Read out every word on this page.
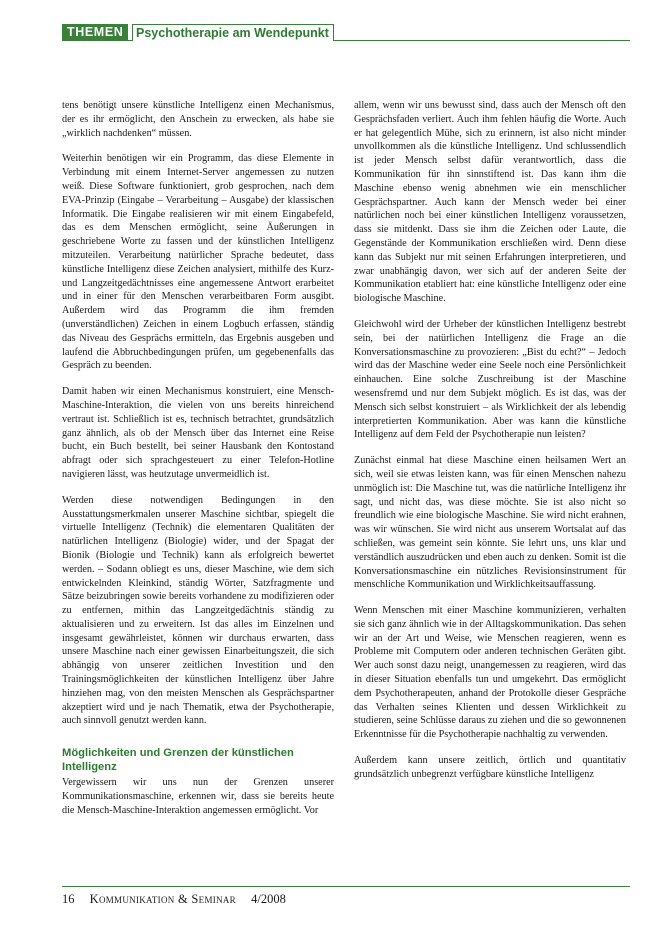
THEMEN	Psychotherapie am Wendepunkt

tens benötigt unsere künstliche Intelligenz einen Mechanismus, der es ihr ermöglicht, den Anschein zu erwecken, als habe sie „wirklich nachdenken“ müssen.

Weiterhin benötigen wir ein Programm, das diese Elemente in Verbindung mit einem Internet-Server angemessen zu nutzen weiß. Diese Software funktioniert, grob gesprochen, nach dem EVA-Prinzip (Eingabe – Verarbeitung – Ausgabe) der klassischen Informatik. Die Eingabe realisieren wir mit einem Eingabefeld, das es dem Menschen ermöglicht, seine Äußerungen in geschriebene Worte zu fassen und der künstlichen Intelligenz mitzuteilen. Verarbeitung natürlicher Sprache bedeutet, dass künstliche Intelligenz diese Zeichen analysiert, mithilfe des Kurz- und Langzeitgedächtnisses eine angemessene Antwort erarbeitet und in einer für den Menschen verarbeitbaren Form ausgibt. Außerdem wird das Programm die ihm fremden (unverständlichen) Zeichen in einem Logbuch erfassen, ständig das Niveau des Gesprächs ermitteln, das Ergebnis ausgeben und laufend die Abbruchbedingungen prüfen, um gegebenenfalls das Gespräch zu beenden.

Damit haben wir einen Mechanismus konstruiert, eine Mensch-Maschine-Interaktion, die vielen von uns bereits hinreichend vertraut ist. Schließlich ist es, technisch betrachtet, grundsätzlich ganz ähnlich, als ob der Mensch über das Internet eine Reise bucht, ein Buch bestellt, bei seiner Hausbank den Kontostand abfragt oder sich sprachgesteuert zu einer Telefon-Hotline navigieren lässt, was heutzutage unvermeidlich ist.

Werden diese notwendigen Bedingungen in den Ausstattungsmerkmalen unserer Maschine sichtbar, spiegelt die virtuelle Intelligenz (Technik) die elementaren Qualitäten der natürlichen Intelligenz (Biologie) wider, und der Spagat der Bionik (Biologie und Technik) kann als erfolgreich bewertet werden. – Sodann obliegt es uns, dieser Maschine, wie dem sich entwickelnden Kleinkind, ständig Wörter, Satzfragmente und Sätze beizubringen sowie bereits vorhandene zu modifizieren oder zu entfernen, mithin das Langzeitgedächtnis ständig zu aktualisieren und zu erweitern. Ist das alles im Einzelnen und insgesamt gewährleistet, können wir durchaus erwarten, dass unsere Maschine nach einer gewissen Einarbeitungszeit, die sich abhängig von unserer zeitlichen Investition und den Trainingsmöglichkeiten der künstlichen Intelligenz über Jahre hinziehen mag, von den meisten Menschen als Gesprächspartner akzeptiert wird und je nach Thematik, etwa der Psychotherapie, auch sinnvoll genutzt werden kann.

Möglichkeiten und Grenzen der künstlichen Intelligenz

Vergewissern wir uns nun der Grenzen unserer Kommunikationsmaschine, erkennen wir, dass sie bereits heute die Mensch-Maschine-Interaktion angemessen ermöglicht. Vor

allem, wenn wir uns bewusst sind, dass auch der Mensch oft den Gesprächsfaden verliert. Auch ihm fehlen häufig die Worte. Auch er hat gelegentlich Mühe, sich zu erinnern, ist also nicht minder unvollkommen als die künstliche Intelligenz. Und schlussendlich ist jeder Mensch selbst dafür verantwortlich, dass die Kommunikation für ihn sinnstiftend ist. Das kann ihm die Maschine ebenso wenig abnehmen wie ein menschlicher Gesprächspartner. Auch kann der Mensch weder bei einer natürlichen noch bei einer künstlichen Intelligenz voraussetzen, dass sie mitdenkt. Dass sie ihm die Zeichen oder Laute, die Gegenstände der Kommunikation erschließen wird. Denn diese kann das Subjekt nur mit seinen Erfahrungen interpretieren, und zwar unabhängig davon, wer sich auf der anderen Seite der Kommunikation etabliert hat: eine künstliche Intelligenz oder eine biologische Maschine.

Gleichwohl wird der Urheber der künstlichen Intelligenz bestrebt sein, bei der natürlichen Intelligenz die Frage an die Konversationsmaschine zu provozieren: „Bist du echt?“ – Jedoch wird das der Maschine weder eine Seele noch eine Persönlichkeit einhauchen. Eine solche Zuschreibung ist der Maschine wesensfremd und nur dem Subjekt möglich. Es ist das, was der Mensch sich selbst konstruiert – als Wirklichkeit der als lebendig interpretierten Kommunikation. Aber was kann die künstliche Intelligenz auf dem Feld der Psychotherapie nun leisten?

Zunächst einmal hat diese Maschine einen heilsamen Wert an sich, weil sie etwas leisten kann, was für einen Menschen nahezu unmöglich ist: Die Maschine tut, was die natürliche Intelligenz ihr sagt, und nicht das, was diese möchte. Sie ist also nicht so freundlich wie eine biologische Maschine. Sie wird nicht erahnen, was wir wünschen. Sie wird nicht aus unserem Wortsalat auf das schließen, was gemeint sein könnte. Sie lehrt uns, uns klar und verständlich auszudrücken und eben auch zu denken. Somit ist die Konversationsmaschine ein nützliches Revisionsinstrument für menschliche Kommunikation und Wirklichkeitsauffassung.

Wenn Menschen mit einer Maschine kommunizieren, verhalten sie sich ganz ähnlich wie in der Alltagskommunikation. Das sehen wir an der Art und Weise, wie Menschen reagieren, wenn es Probleme mit Computern oder anderen technischen Geräten gibt. Wer auch sonst dazu neigt, unangemessen zu reagieren, wird das in dieser Situation ebenfalls tun und umgekehrt. Das ermöglicht dem Psychotherapeuten, anhand der Protokolle dieser Gespräche das Verhalten seines Klienten und dessen Wirklichkeit zu studieren, seine Schlüsse daraus zu ziehen und die so gewonnenen Erkenntnisse für die Psychotherapie nachhaltig zu verwenden.

Außerdem kann unsere zeitlich, örtlich und quantitativ grundsätzlich unbegrenzt verfügbare künstliche Intelligenz

16 Kommunikation & Seminar 4/2008
